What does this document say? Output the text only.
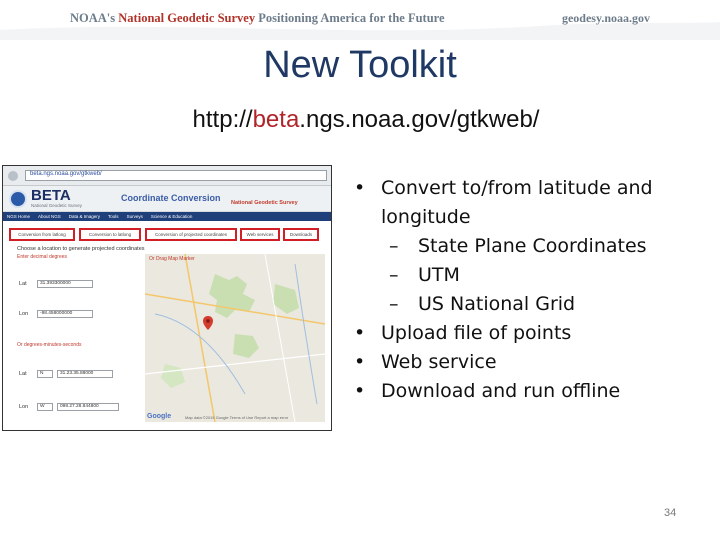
NOAA's National Geodetic Survey Positioning America for the Future	geodesy.noaa.gov
New Toolkit
http://beta.ngs.noaa.gov/gtkweb/
beta.ngs.noaa.gov/gtkweb/
BETA
National Geodetic Survey
Coordinate Conversion National Geodetic Survey
NGS Home	About NGS	Data & Imagery	Tools	Surveys	Science & Education
Conversion from latlong	Conversion to latlong	Conversion of projected coordinates	Web services	Downloads
Choose a location to generate projected coordinates
Enter decimal degrees
Lat	31.393300000
Lon	-98.458000000
Or degrees-minutes-seconds
Lat	N	31.23.35.88000
Lon	W	098.27.28.844800
Or Drag Map Marker
Google	Map data ©2015 Google Terms of Use Report a map error
• Convert to/from latitude and
longitude
– State Plane Coordinates
– UTM
– US National Grid
• Upload file of points
• Web service
• Download and run offline
34
